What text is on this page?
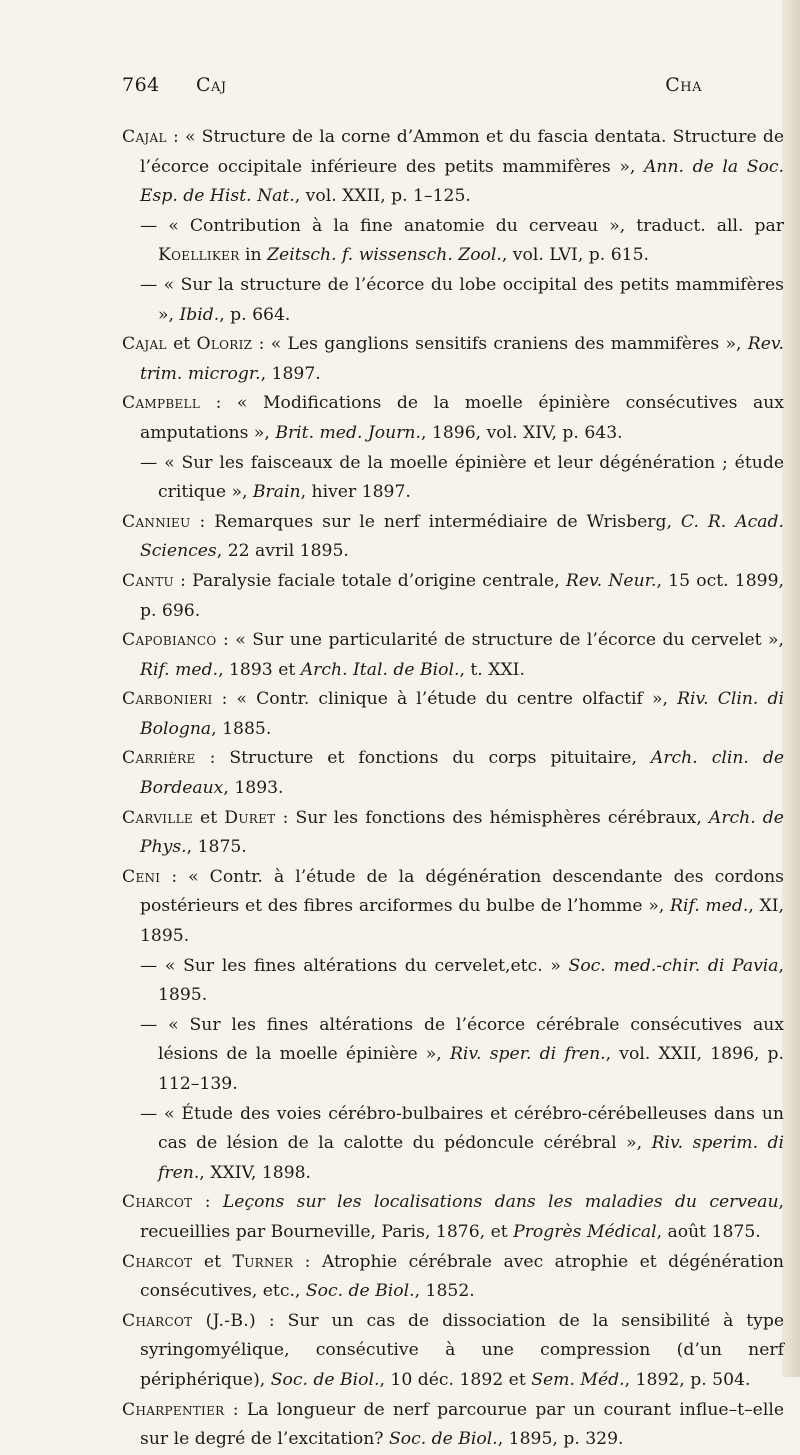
764 Caj	Cha

Cajal : « Structure de la corne d’Ammon et du fascia dentata. Structure de l’écorce occipitale inférieure des petits mammifères », Ann. de la Soc. Esp. de Hist. Nat., vol. XXII, p. 1–125.

— « Contribution à la fine anatomie du cerveau », traduct. all. par Koelliker in Zeitsch. f. wissensch. Zool., vol. LVI, p. 615.

— « Sur la structure de l’écorce du lobe occipital des petits mammifères », Ibid., p. 664.

Cajal et Oloriz : « Les ganglions sensitifs craniens des mammifères », Rev. trim. microgr., 1897.

Campbell : « Modifications de la moelle épinière consécutives aux amputations », Brit. med. Journ., 1896, vol. XIV, p. 643.

— « Sur les faisceaux de la moelle épinière et leur dégénération ; étude critique », Brain, hiver 1897.

Cannieu : Remarques sur le nerf intermédiaire de Wrisberg, C. R. Acad. Sciences, 22 avril 1895.

Cantu : Paralysie faciale totale d’origine centrale, Rev. Neur., 15 oct. 1899, p. 696.

Capobianco : « Sur une particularité de structure de l’écorce du cervelet », Rif. med., 1893 et Arch. Ital. de Biol., t. XXI.

Carbonieri : « Contr. clinique à l’étude du centre olfactif », Riv. Clin. di Bologna, 1885.

Carrière : Structure et fonctions du corps pituitaire, Arch. clin. de Bordeaux, 1893.

Carville et Duret : Sur les fonctions des hémisphères cérébraux, Arch. de Phys., 1875.

Ceni : « Contr. à l’étude de la dégénération descendante des cordons postérieurs et des fibres arciformes du bulbe de l’homme », Rif. med., XI, 1895.

— « Sur les fines altérations du cervelet,etc. » Soc. med.-chir. di Pavia, 1895.

— « Sur les fines altérations de l’écorce cérébrale consécutives aux lésions de la moelle épinière », Riv. sper. di fren., vol. XXII, 1896, p. 112–139.

— « Étude des voies cérébro-bulbaires et cérébro-cérébelleuses dans un cas de lésion de la calotte du pédoncule cérébral », Riv. sperim. di fren., XXIV, 1898.

Charcot : Leçons sur les localisations dans les maladies du cerveau, recueillies par Bourneville, Paris, 1876, et Progrès Médical, août 1875.

Charcot et Turner : Atrophie cérébrale avec atrophie et dégénération consécutives, etc., Soc. de Biol., 1852.

Charcot (J.-B.) : Sur un cas de dissociation de la sensibilité à type syringomyélique, consécutive à une compression (d’un nerf périphérique), Soc. de Biol., 10 déc. 1892 et Sem. Méd., 1892, p. 504.

Charpentier : La longueur de nerf parcourue par un courant influe–t–elle sur le degré de l’excitation? Soc. de Biol., 1895, p. 329.
